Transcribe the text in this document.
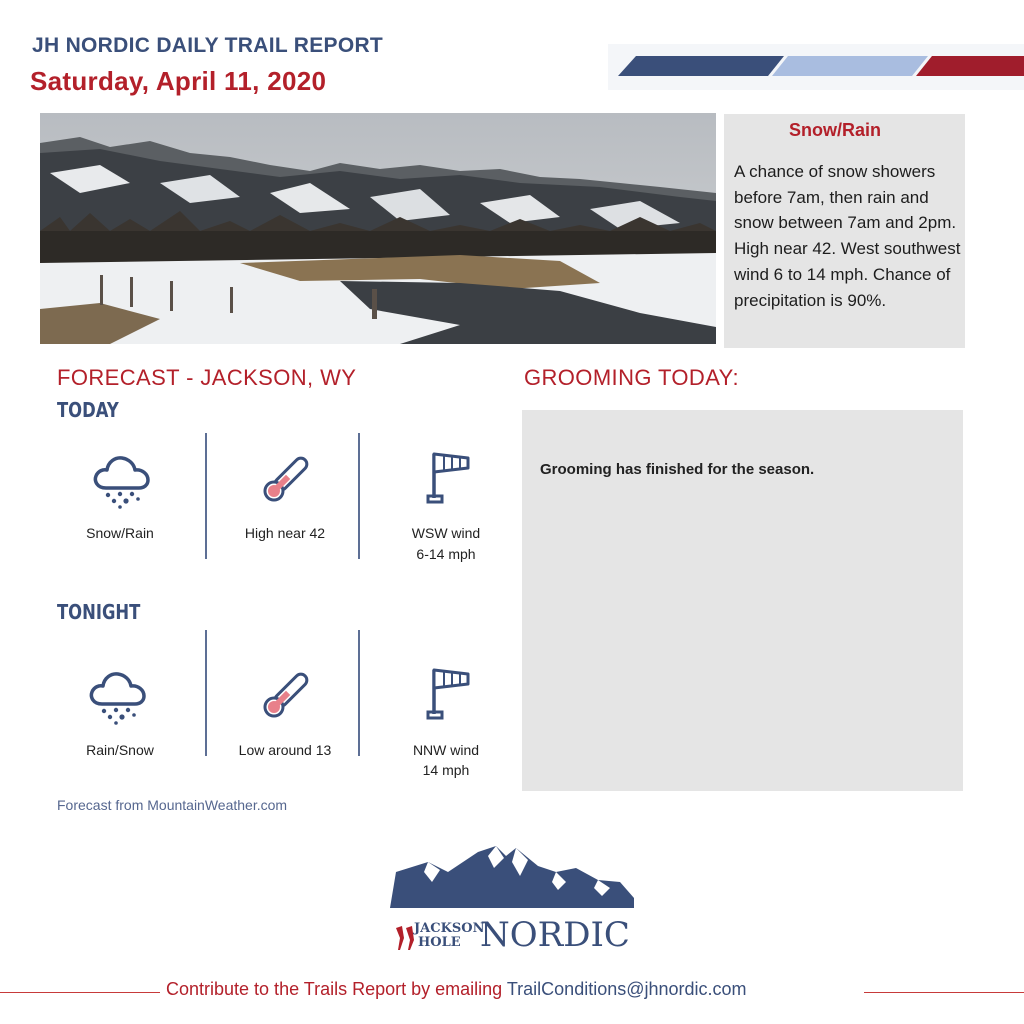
JH NORDIC DAILY TRAIL REPORT
Saturday, April 11, 2020
Snow/Rain
A chance of snow showers before 7am, then rain and snow between 7am and 2pm. High near 42. West southwest wind 6 to 14 mph. Chance of precipitation is 90%.
FORECAST - JACKSON, WY
TODAY
TONIGHT
Snow/Rain	High near 42	WSW wind
6-14 mph
Rain/Snow	Low around 13	NNW wind
14 mph
Forecast from MountainWeather.com
GROOMING TODAY:
Grooming has finished for the season.
JACKSON
HOLE NORDIC
Contribute to the Trails Report by emailing TrailConditions@jhnordic.com
